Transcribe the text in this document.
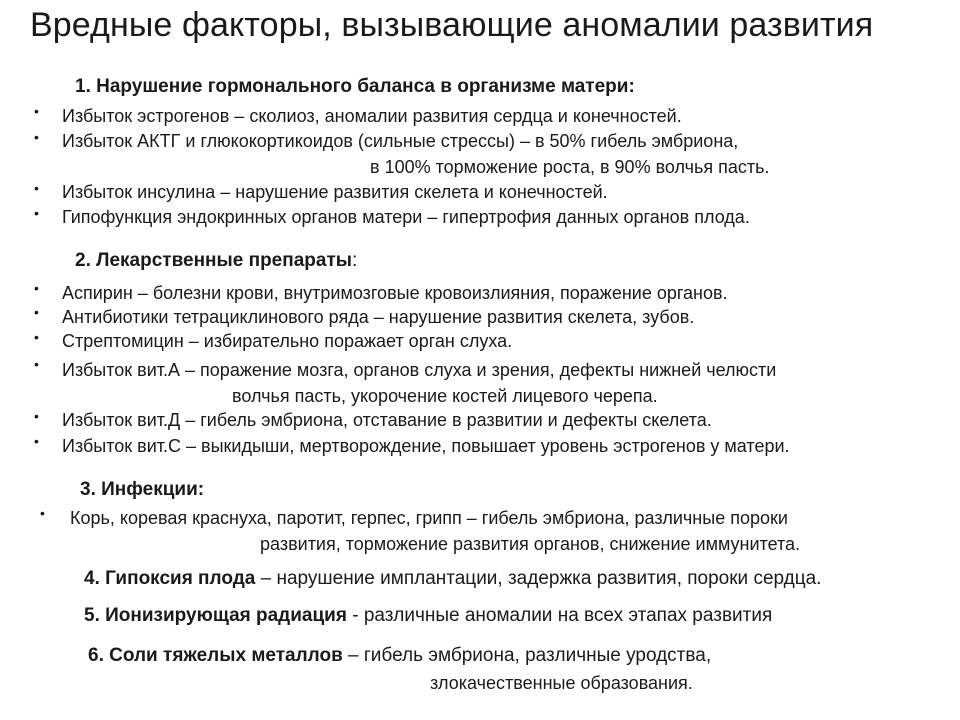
Вредные факторы, вызывающие аномалии развития
1. Нарушение гормонального баланса в организме матери:
• Избыток эстрогенов – сколиоз, аномалии развития сердца и конечностей.
• Избыток АКТГ и глюкокортикоидов (сильные стрессы) – в 50% гибель эмбриона,
в 100% торможение роста, в 90% волчья пасть.
• Избыток инсулина – нарушение развития скелета и конечностей.
• Гипофункция эндокринных органов матери – гипертрофия данных органов плода.
2. Лекарственные препараты:
• Аспирин – болезни крови, внутримозговые кровоизлияния, поражение органов.
• Антибиотики тетрациклинового ряда – нарушение развития скелета, зубов.
• Стрептомицин – избирательно поражает орган слуха.
• Избыток вит.А – поражение мозга, органов слуха и зрения, дефекты нижней челюсти
волчья пасть, укорочение костей лицевого черепа.
• Избыток вит.Д – гибель эмбриона, отставание в развитии и дефекты скелета.
• Избыток вит.С – выкидыши, мертворождение, повышает уровень эстрогенов у матери.
3. Инфекции:
• Корь, коревая краснуха, паротит, герпес, грипп – гибель эмбриона, различные пороки
развития, торможение развития органов, снижение иммунитета.
4. Гипоксия плода – нарушение имплантации, задержка развития, пороки сердца.
5. Ионизирующая радиация - различные аномалии на всех этапах развития
6. Соли тяжелых металлов – гибель эмбриона, различные уродства,
злокачественные образования.
